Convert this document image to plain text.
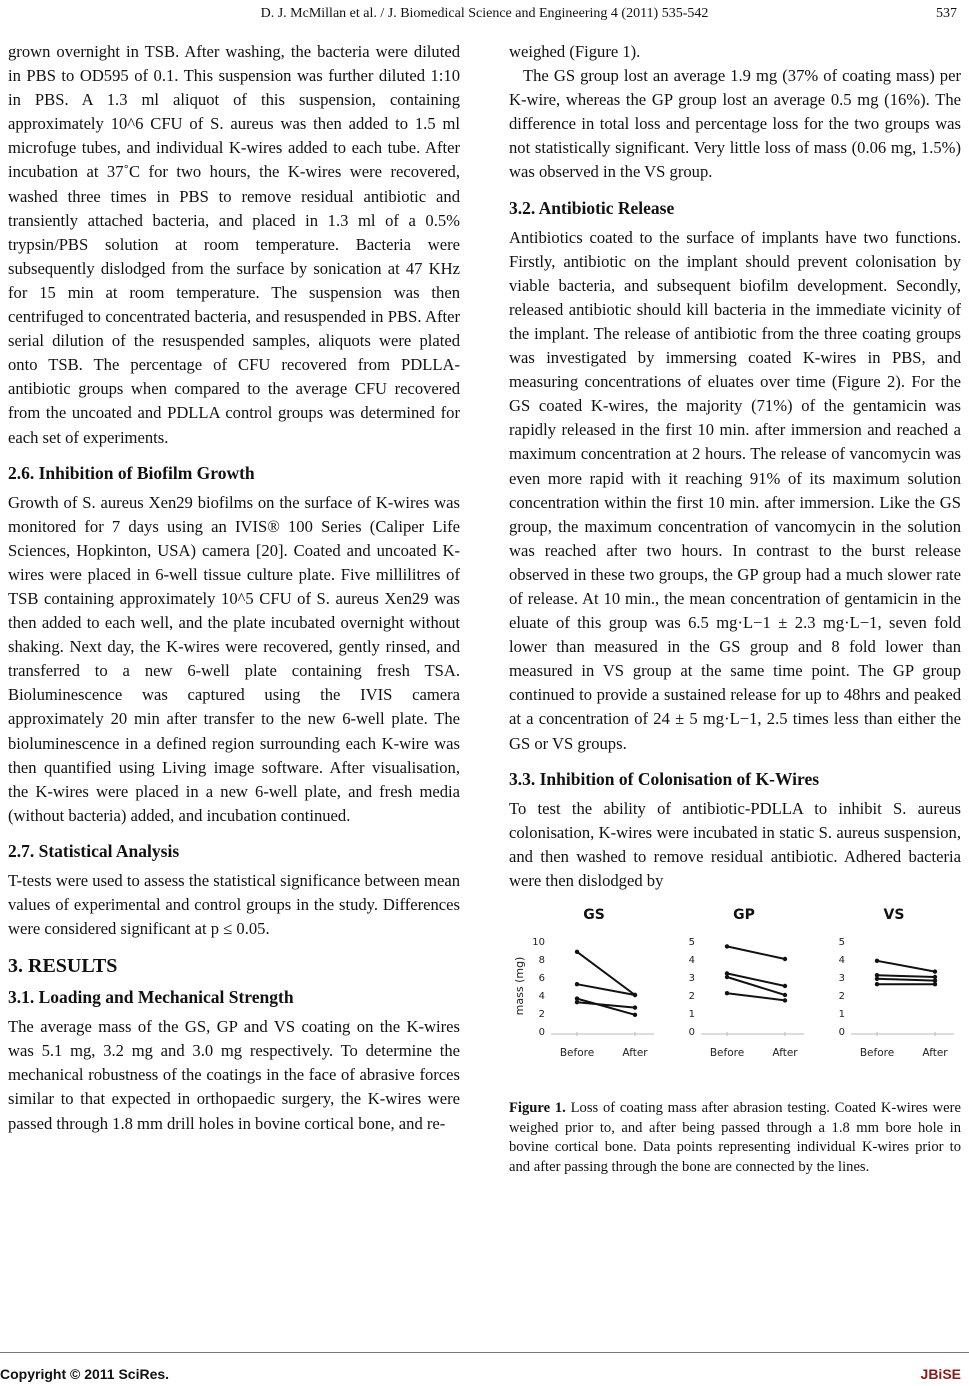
D. J. McMillan et al. / J. Biomedical Science and Engineering 4 (2011) 535-542	537

grown overnight in TSB. After washing, the bacteria were diluted in PBS to OD595 of 0.1. This suspension was further diluted 1:10 in PBS. A 1.3 ml aliquot of this suspension, containing approximately 10^6 CFU of S. aureus was then added to 1.5 ml microfuge tubes, and individual K-wires added to each tube. After incubation at 37˚C for two hours, the K-wires were recovered, washed three times in PBS to remove residual antibiotic and transiently attached bacteria, and placed in 1.3 ml of a 0.5% trypsin/PBS solution at room temperature. Bacteria were subsequently dislodged from the surface by sonication at 47 KHz for 15 min at room temperature. The suspension was then centrifuged to concentrated bacteria, and resuspended in PBS. After serial dilution of the resuspended samples, aliquots were plated onto TSB. The percentage of CFU recovered from PDLLA-antibiotic groups when compared to the average CFU recovered from the uncoated and PDLLA control groups was determined for each set of experiments.

2.6. Inhibition of Biofilm Growth

Growth of S. aureus Xen29 biofilms on the surface of K-wires was monitored for 7 days using an IVIS® 100 Series (Caliper Life Sciences, Hopkinton, USA) camera [20]. Coated and uncoated K-wires were placed in 6-well tissue culture plate. Five millilitres of TSB containing approximately 10^5 CFU of S. aureus Xen29 was then added to each well, and the plate incubated overnight without shaking. Next day, the K-wires were recovered, gently rinsed, and transferred to a new 6-well plate containing fresh TSA. Bioluminescence was captured using the IVIS camera approximately 20 min after transfer to the new 6-well plate. The bioluminescence in a defined region surrounding each K-wire was then quantified using Living image software. After visualisation, the K-wires were placed in a new 6-well plate, and fresh media (without bacteria) added, and incubation continued.

2.7. Statistical Analysis

T-tests were used to assess the statistical significance between mean values of experimental and control groups in the study. Differences were considered significant at p ≤ 0.05.

3. RESULTS
3.1. Loading and Mechanical Strength

The average mass of the GS, GP and VS coating on the K-wires was 5.1 mg, 3.2 mg and 3.0 mg respectively. To determine the mechanical robustness of the coatings in the face of abrasive forces similar to that expected in orthopaedic surgery, the K-wires were passed through 1.8 mm drill holes in bovine cortical bone, and re-

weighed (Figure 1).

The GS group lost an average 1.9 mg (37% of coating mass) per K-wire, whereas the GP group lost an average 0.5 mg (16%). The difference in total loss and percentage loss for the two groups was not statistically significant. Very little loss of mass (0.06 mg, 1.5%) was observed in the VS group.

3.2. Antibiotic Release

Antibiotics coated to the surface of implants have two functions. Firstly, antibiotic on the implant should prevent colonisation by viable bacteria, and subsequent biofilm development. Secondly, released antibiotic should kill bacteria in the immediate vicinity of the implant. The release of antibiotic from the three coating groups was investigated by immersing coated K-wires in PBS, and measuring concentrations of eluates over time (Figure 2). For the GS coated K-wires, the majority (71%) of the gentamicin was rapidly released in the first 10 min. after immersion and reached a maximum concentration at 2 hours. The release of vancomycin was even more rapid with it reaching 91% of its maximum solution concentration within the first 10 min. after immersion. Like the GS group, the maximum concentration of vancomycin in the solution was reached after two hours. In contrast to the burst release observed in these two groups, the GP group had a much slower rate of release. At 10 min., the mean concentration of gentamicin in the eluate of this group was 6.5 mg·L−1 ± 2.3 mg·L−1, seven fold lower than measured in the GS group and 8 fold lower than measured in VS group at the same time point. The GP group continued to provide a sustained release for up to 48hrs and peaked at a concentration of 24 ± 5 mg·L−1, 2.5 times less than either the GS or VS groups.

3.3. Inhibition of Colonisation of K-Wires

To test the ability of antibiotic-PDLLA to inhibit S. aureus colonisation, K-wires were incubated in static S. aureus suspension, and then washed to remove residual antibiotic. Adhered bacteria were then dislodged by

GS
0
2
4
6
8
10
Before	After
mass (mg)
GP
0
1
2
3
4
5
Before	After
VS
0
1
2
3
4
5
Before	After
Figure 1. Loss of coating mass after abrasion testing. Coated K-wires were weighed prior to, and after being passed through a 1.8 mm bore hole in bovine cortical bone. Data points representing individual K-wires prior to and after passing through the bone are connected by the lines.
Copyright © 2011 SciRes.	JBiSE
